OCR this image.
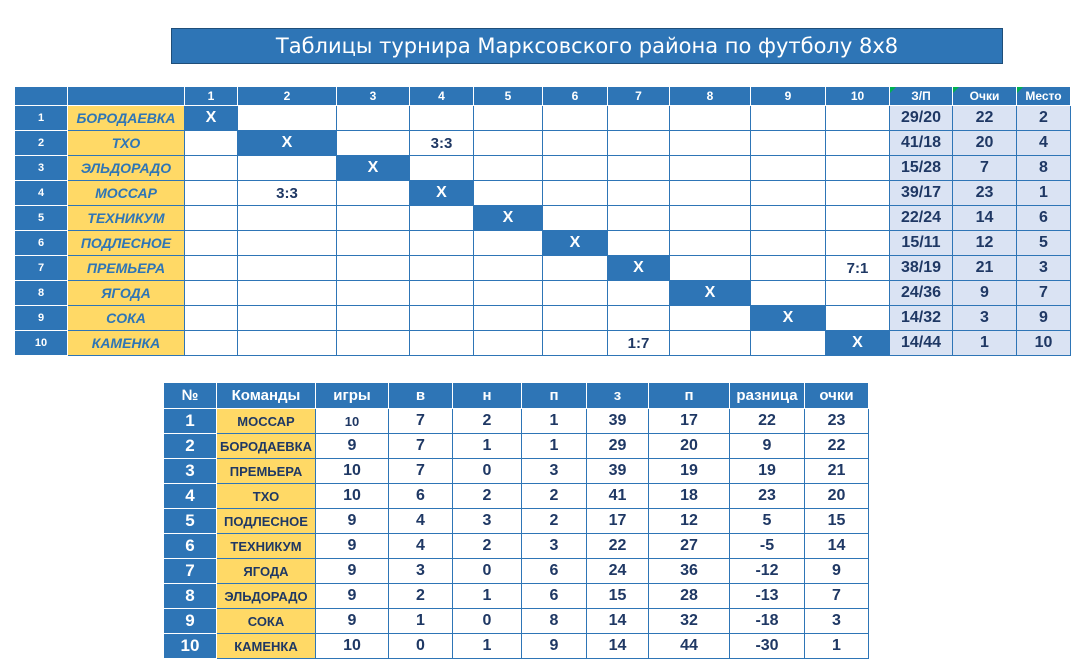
Таблицы турнира Марксовского района по футболу 8х8
		1	2	3	4	5	6	7	8	9	10	З/П	Очки	Место

1	БОРОДАЕВКА	Х										29/20	22	2
2	ТХО		Х		3:3							41/18	20	4
3	ЭЛЬДОРАДО			Х								15/28	7	8
4	МОССАР		3:3		Х							39/17	23	1
5	ТЕХНИКУМ					Х						22/24	14	6
6	ПОДЛЕСНОЕ						Х					15/11	12	5
7	ПРЕМЬЕРА							Х			7:1	38/19	21	3
8	ЯГОДА								Х			24/36	9	7
9	СОКА									Х		14/32	3	9
10	КАМЕНКА							1:7			Х	14/44	1	10
№	Команды	игры	в	н	п	з	п	разница	очки
1	МОССАР	10	7	2	1	39	17	22	23
2	БОРОДАЕВКА	9	7	1	1	29	20	9	22
3	ПРЕМЬЕРА	10	7	0	3	39	19	19	21
4	ТХО	10	6	2	2	41	18	23	20
5	ПОДЛЕСНОЕ	9	4	3	2	17	12	5	15
6	ТЕХНИКУМ	9	4	2	3	22	27	-5	14
7	ЯГОДА	9	3	0	6	24	36	-12	9
8	ЭЛЬДОРАДО	9	2	1	6	15	28	-13	7
9	СОКА	9	1	0	8	14	32	-18	3
10	КАМЕНКА	10	0	1	9	14	44	-30	1
